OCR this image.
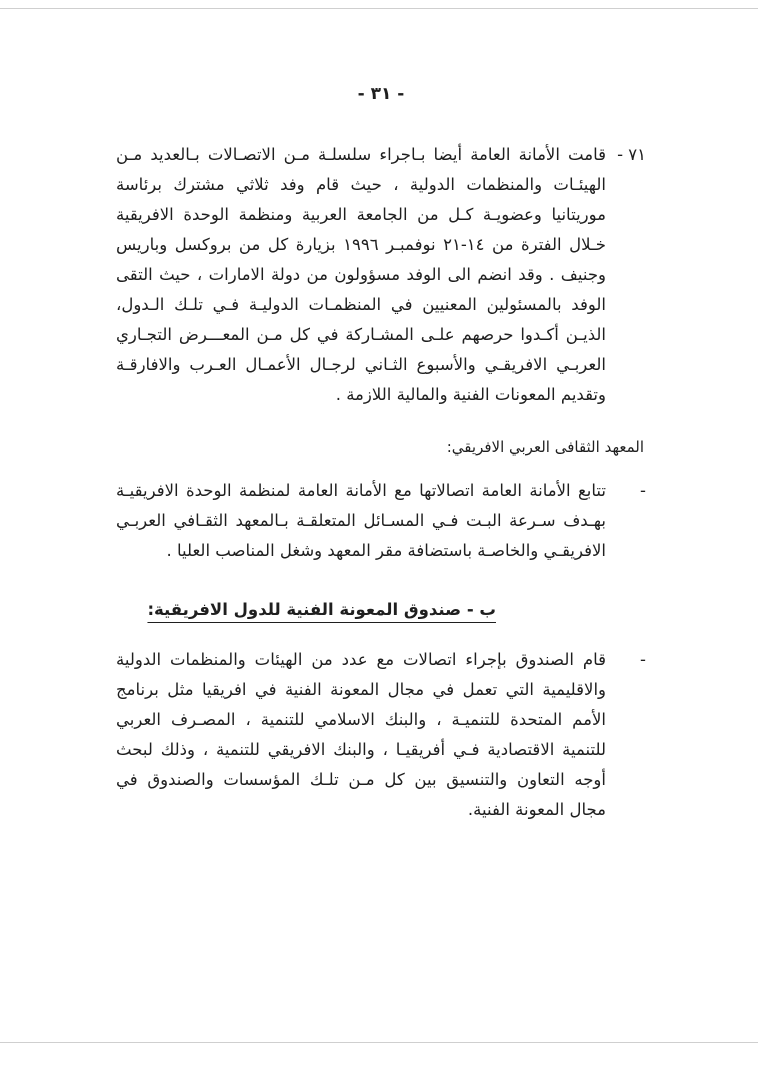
- ٣١ -
٧١ -
قامت الأمانة العامة أيضا بـاجراء سلسلـة مـن الاتصـالات بـالعديد مـن الهيئـات والمنظمات الدولية ، حيث قام وفد ثلاثي مشترك برئاسة موريتانيا وعضويـة كـل من الجامعة العربية ومنظمة الوحدة الافريقية خـلال الفترة من ١٤-٢١ نوفمبـر ١٩٩٦ بزيارة كل من بروكسل وباريس وجنيف . وقد انضم الى الوفد مسؤولون من دولة الامارات ، حيث التقى الوفد بالمسئولين المعنيين في المنظمـات الدوليـة فـي تلـك الـدول، الذيـن أكـدوا حرصهم علـى المشـاركة في كل مـن المعـــرض التجـاري العربـي الافريقـي والأسبوع الثـاني لرجـال الأعمـال العـرب والافارقـة وتقديم المعونات الفنية والمالية اللازمة .
المعهد الثقافى العربي الافريقي:
-
تتابع الأمانة العامة اتصالاتها مع الأمانة العامة لمنظمة الوحدة الافريقيـة بهـدف سـرعة البـت فـي المسـائل المتعلقـة بـالمعهد الثقـافي العربـي الافريقـي والخاصـة باستضافة مقر المعهد وشغل المناصب العليا .
ب - صندوق المعونة الفنية للدول الافريقية:
-
قام الصندوق بإجراء اتصالات مع عدد من الهيئات والمنظمات الدولية والاقليمية التي تعمل في مجال المعونة الفنية في افريقيا مثل برنامج الأمم المتحدة للتنميـة ، والبنك الاسلامي للتنمية ، المصـرف العربي للتنمية الاقتصادية فـي أفريقيـا ، والبنك الافريقي للتنمية ، وذلك لبحث أوجه التعاون والتنسيق بين كل مـن تلـك المؤسسات والصندوق في مجال المعونة الفنية.
